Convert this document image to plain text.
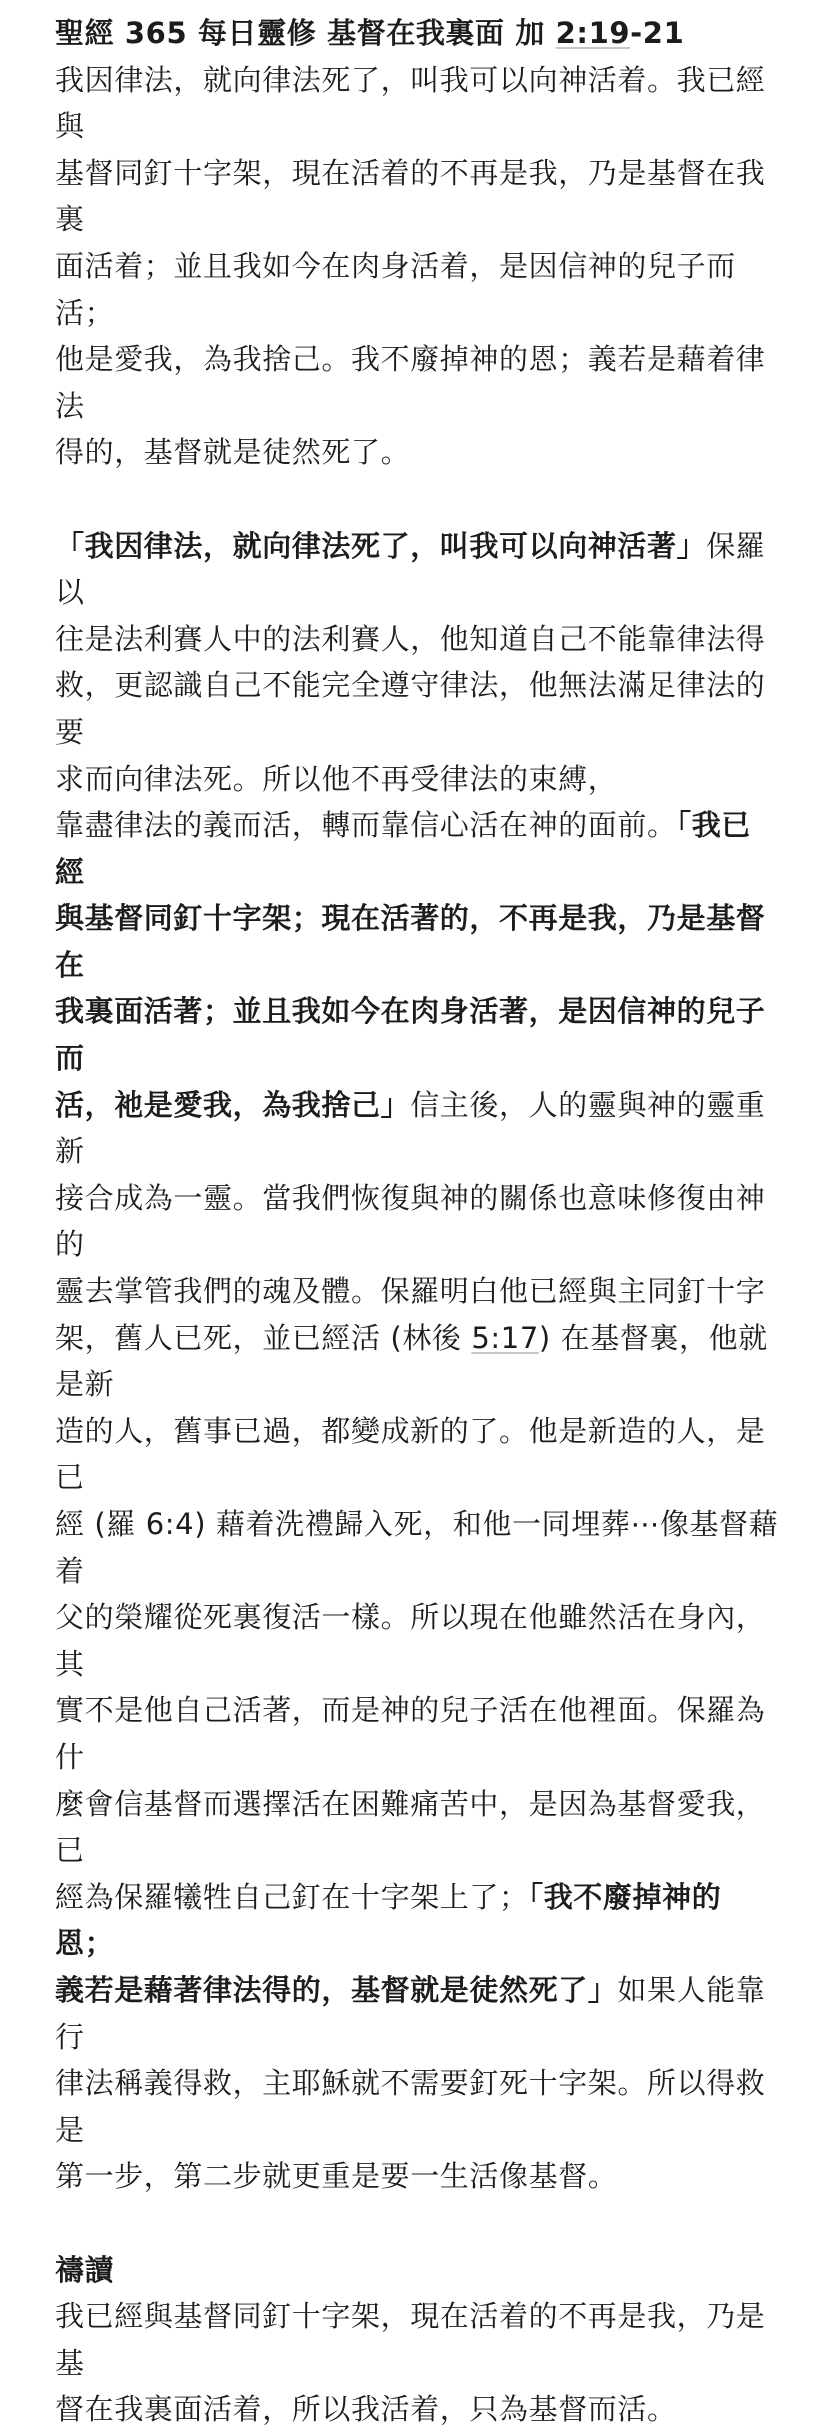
聖經 365 每日靈修 基督在我裏面 加 2:19-21

我因律法，就向律法死了，叫我可以向神活着。我已經與
基督同釘十字架，現在活着的不再是我，乃是基督在我裏
面活着；並且我如今在肉身活着，是因信神的兒子而活；
他是愛我，為我捨己。我不廢掉神的恩；義若是藉着律法
得的，基督就是徒然死了。

「我因律法，就向律法死了，叫我可以向神活著」保羅以
往是法利賽人中的法利賽人，他知道自己不能靠律法得
救，更認識自己不能完全遵守律法，他無法滿足律法的要
求而向律法死。所以他不再受律法的束縛，
靠盡律法的義而活，轉而靠信心活在神的面前。「我已經
與基督同釘十字架；現在活著的，不再是我，乃是基督在
我裏面活著；並且我如今在肉身活著，是因信神的兒子而
活，祂是愛我，為我捨己」信主後，人的靈與神的靈重新
接合成為一靈。當我們恢復與神的關係也意味修復由神的
靈去掌管我們的魂及體。保羅明白他已經與主同釘十字
架，舊人已死，並已經活 (林後 5:17) 在基督裏，他就是新
造的人，舊事已過，都變成新的了。他是新造的人，是已
經 (羅 6:4) 藉着洗禮歸入死，和他一同埋葬⋯像基督藉着
父的榮耀從死裏復活一樣。所以現在他雖然活在身內，其
實不是他自己活著，而是神的兒子活在他裡面。保羅為什
麼會信基督而選擇活在困難痛苦中，是因為基督愛我，已
經為保羅犧牲自己釘在十字架上了；「我不廢掉神的恩；
義若是藉著律法得的，基督就是徒然死了」如果人能靠行
律法稱義得救，主耶穌就不需要釘死十字架。所以得救是
第一步，第二步就更重是要一生活像基督。

禱讀

我已經與基督同釘十字架，現在活着的不再是我，乃是基
督在我裏面活着，所以我活着，只為基督而活。
